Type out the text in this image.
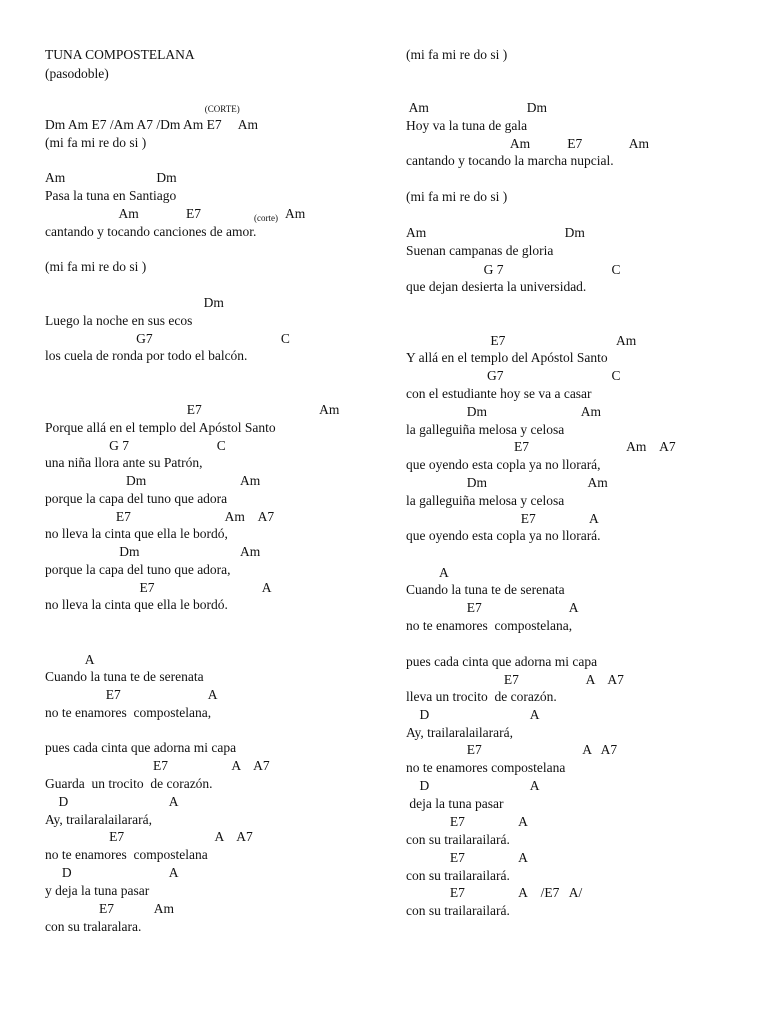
TUNA COMPOSTELANA
(pasodoble)
(CORTE)
Dm Am E7 /Am A7 /Dm Am E7     Am
(mi fa mi re do si )
Am                           Dm
Pasa la tuna en Santiago
Am              E7
cantando y tocando canciones de amor.
(mi fa mi re do si )
Dm
Luego la noche en sus ecos
G7                                      C
los cuela de ronda por todo el balcón.
E7                                   Am
Porque allá en el templo del Apóstol Santo
G 7                          C
una niña llora ante su Patrón,
Dm                            Am
porque la capa del tuno que adora
E7                            Am    A7
no lleva la cinta que ella le bordó,
Dm                              Am
porque la capa del tuno que adora,
E7                                A
no lleva la cinta que ella le bordó.
A
Cuando la tuna te de serenata
E7                          A
no te enamores  compostelana,
pues cada cinta que adorna mi capa
E7                   A    A7
Guarda  un trocito  de corazón.
D                              A
Ay, trailaralailarará,
E7                           A    A7
no te enamores  compostelana
D                             A
y deja la tuna pasar
E7            Am
con su tralaralara.
(corte) Am
(mi fa mi re do si )
Am                             Dm
Hoy va la tuna de gala
Am           E7              Am
cantando y tocando la marcha nupcial.
(mi fa mi re do si )
Am                                         Dm
Suenan campanas de gloria
G 7                                C
que dejan desierta la universidad.
E7                                 Am
Y allá en el templo del Apóstol Santo
G7                                C
con el estudiante hoy se va a casar
Dm                            Am
la galleguiña melosa y celosa
E7                             Am    A7
que oyendo esta copla ya no llorará,
Dm                              Am
la galleguiña melosa y celosa
E7                A
que oyendo esta copla ya no llorará.
A
Cuando la tuna te de serenata
E7                          A
no te enamores  compostelana,
pues cada cinta que adorna mi capa
E7                    A    A7
lleva un trocito  de corazón.
D                              A
Ay, trailaralailarará,
E7                              A   A7
no te enamores compostelana
D                              A
deja la tuna pasar
E7                A
con su trailarailará.
E7                A
con su trailarailará.
E7                A    /E7   A/
con su trailarailará.
